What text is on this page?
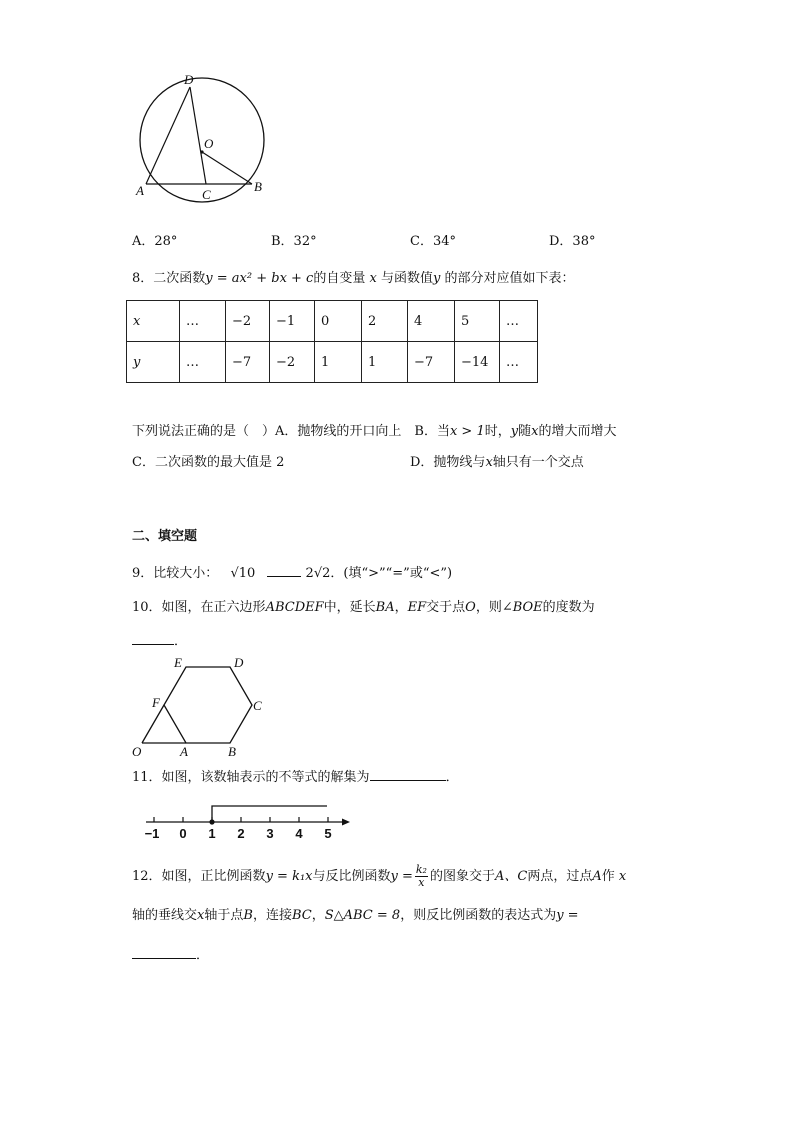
D
O
A	C
B
A．28°	B．32°	C．34°	D．38°
8．二次函数y = ax² + bx + c的自变量 x 与函数值y 的部分对应值如下表：
x	…	−2	−1	0	2	4	5	…
y	…	−7	−2	1	1	−7	−14	…
下列说法正确的是（　）A．抛物线的开口向上　B．当x > 1时，y随x的增大而增大
C．二次函数的最大值是 2	D．抛物线与x轴只有一个交点
二、填空题
9．比较大小： √10	2√2．(填“>”“=”或“<”)
10．如图，在正六边形ABCDEF中，延长BA，EF交于点O，则∠BOE的度数为
．
E	D
F	C
O	A	B
11．如图，该数轴表示的不等式的解集为	．
−1 0 1 2 3 4 5
12．如图，正比例函数y = k₁x与反比例函数$y = \frac{\text{k₂}}{x}$ 的图象交于A、C两点，过点A作 x
轴的垂线交x轴于点B，连接BC，S△ABC = 8，则反比例函数的表达式为y =
．
